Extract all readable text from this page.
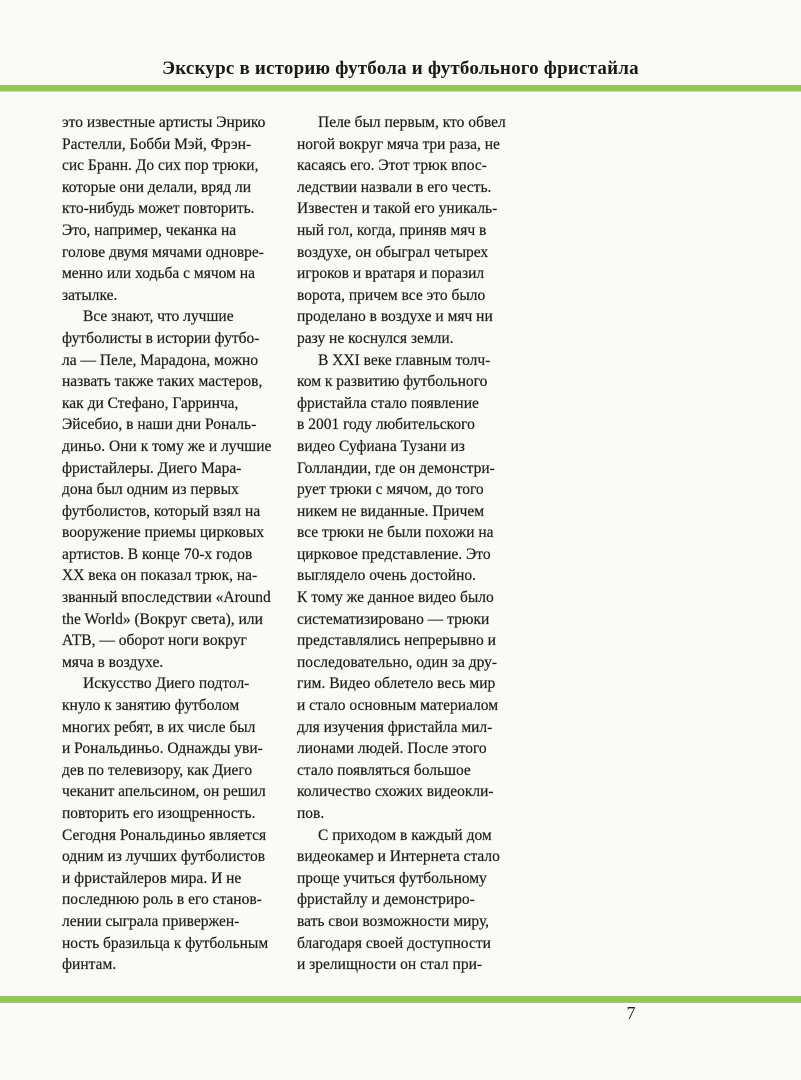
Экскурс в историю футбола и футбольного фристайла
это известные артисты Энрико
Растелли, Бобби Мэй, Фрэн-
сис Бранн. До сих пор трюки,
которые они делали, вряд ли
кто-нибудь может повторить.
Это, например, чеканка на
голове двумя мячами одновре-
менно или ходьба с мячом на
затылке.
Все знают, что лучшие
футболисты в истории футбо-
ла — Пеле, Марадона, можно
назвать также таких мастеров,
как ди Стефано, Гарринча,
Эйсебио, в наши дни Рональ-
диньо. Они к тому же и лучшие
фристайлеры. Диего Мара-
дона был одним из первых
футболистов, который взял на
вооружение приемы цирковых
артистов. В конце 70-х годов
XX века он показал трюк, на-
званный впоследствии «Around
the World» (Вокруг света), или
АТВ, — оборот ноги вокруг
мяча в воздухе.
Искусство Диего подтол-
кнуло к занятию футболом
многих ребят, в их числе был
и Рональдиньо. Однажды уви-
дев по телевизору, как Диего
чеканит апельсином, он решил
повторить его изощренность.
Сегодня Рональдиньо является
одним из лучших футболистов
и фристайлеров мира. И не
последнюю роль в его станов-
лении сыграла привержен-
ность бразильца к футбольным
финтам.
Пеле был первым, кто обвел
ногой вокруг мяча три раза, не
касаясь его. Этот трюк впос-
ледствии назвали в его честь.
Известен и такой его уникаль-
ный гол, когда, приняв мяч в
воздухе, он обыграл четырех
игроков и вратаря и поразил
ворота, причем все это было
проделано в воздухе и мяч ни
разу не коснулся земли.
В XXI веке главным толч-
ком к развитию футбольного
фристайла стало появление
в 2001 году любительского
видео Суфиана Тузани из
Голландии, где он демонстри-
рует трюки с мячом, до того
никем не виданные. Причем
все трюки не были похожи на
цирковое представление. Это
выглядело очень достойно.
К тому же данное видео было
систематизировано — трюки
представлялись непрерывно и
последовательно, один за дру-
гим. Видео облетело весь мир
и стало основным материалом
для изучения фристайла мил-
лионами людей. После этого
стало появляться большое
количество схожих видеокли-
пов.
С приходом в каждый дом
видеокамер и Интернета стало
проще учиться футбольному
фристайлу и демонстриро-
вать свои возможности миру,
благодаря своей доступности
и зрелищности он стал при-
7
